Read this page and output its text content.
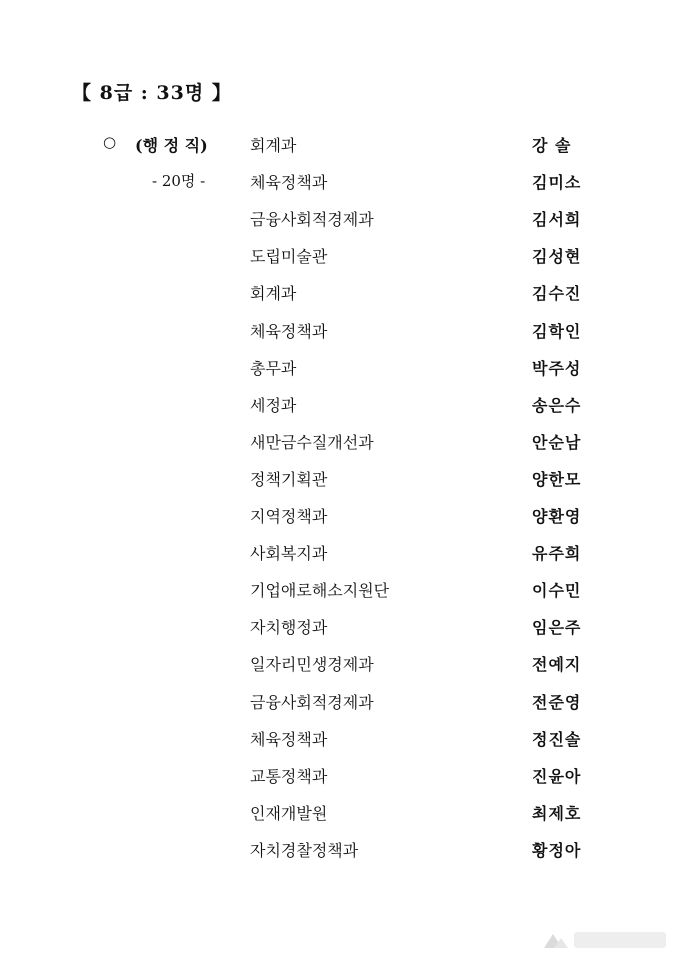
【 8급 : 33명 】
○ (행 정 직)	회계과	강 솔
- 20명 -	체육정책과	김미소
금융사회적경제과	김서희
도립미술관	김성현
회계과	김수진
체육정책과	김학인
총무과	박주성
세정과	송은수
새만금수질개선과	안순남
정책기획관	양한모
지역정책과	양환영
사회복지과	유주희
기업애로해소지원단	이수민
자치행정과	임은주
일자리민생경제과	전예지
금융사회적경제과	전준영
체육정책과	정진솔
교통정책과	진윤아
인재개발원	최제호
자치경찰정책과	황정아
